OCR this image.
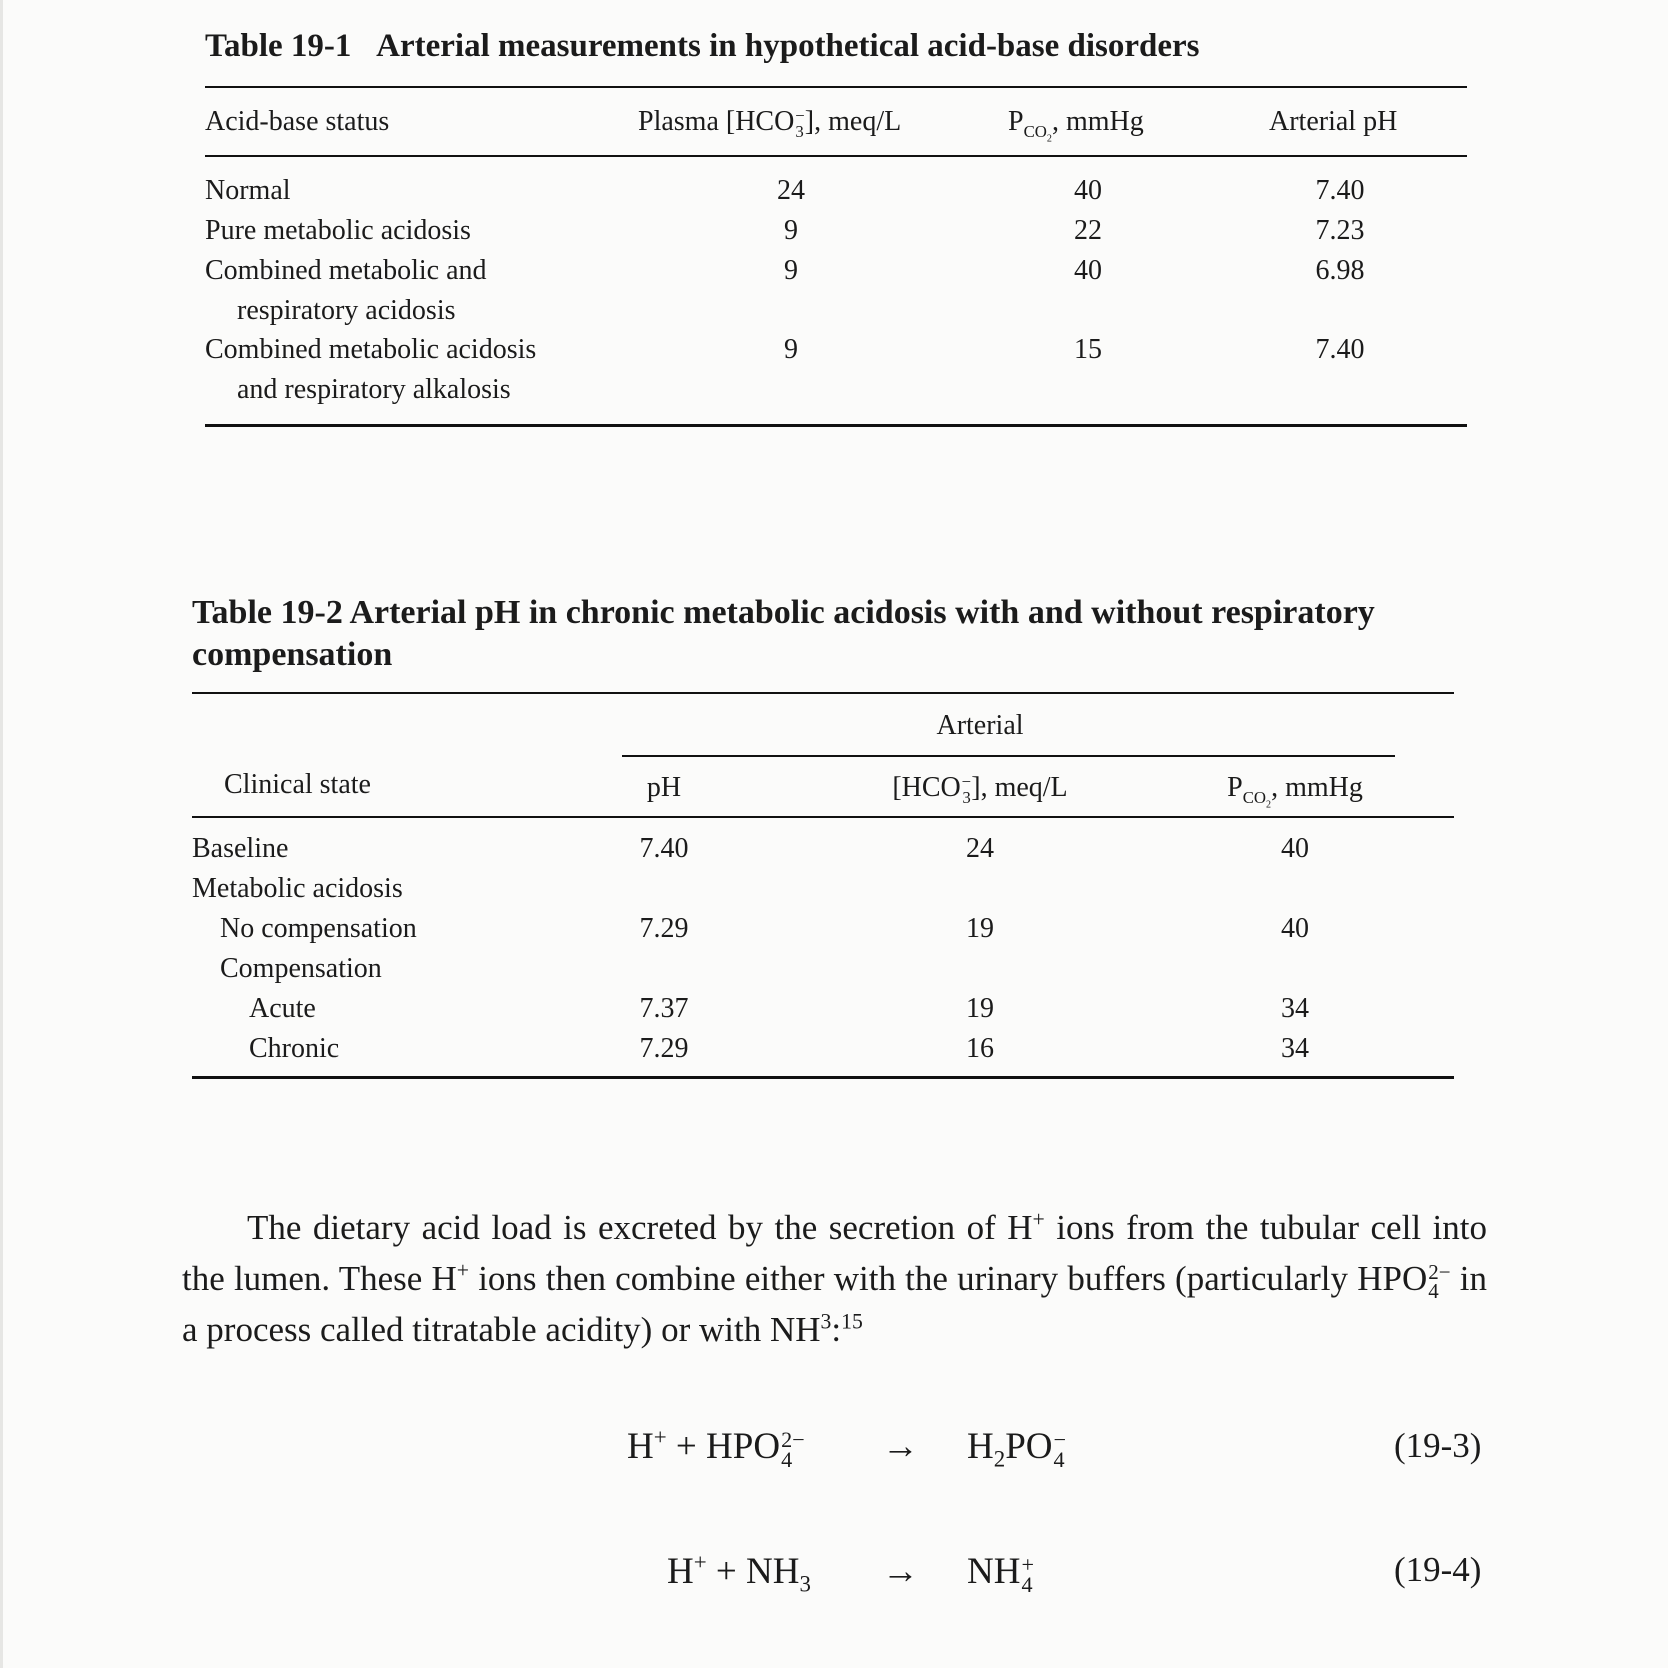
Table 19-1 Arterial measurements in hypothetical acid-base disorders
Acid-base status	Plasma [HCO −
3 ], meq/L	$P_{CO_2}$, mmHg	Arterial pH
Normal	24	40	7.40
Pure metabolic acidosis	9	22	7.23
Combined metabolic and
respiratory acidosis
9	40	6.98
Combined metabolic acidosis
and respiratory alkalosis
9	15	7.40
Table 19-2 Arterial pH in chronic metabolic acidosis with and without respiratory compensation
Arterial
Clinical state	pH	[HCO −
3 ], meq/L	$P_{CO_2}$, mmHg
Baseline	7.40	24	40
Metabolic acidosis
No compensation	7.29	19	40
Compensation
Acute	7.37	19	34
Chronic	7.29	16	34
The dietary acid load is excreted by the secretion of H+ ions from the tubular cell into the lumen. These H+ ions then combine either with the urinary buffers (particularly HPO 2−
4 in a process called titratable acidity) or with $NH^3:^{15}$
H+ + HPO 2−
4	→ $H_2PO$ −
4	(19-3)
$H^+ + NH_3$ → NH +
4	(19-4)
